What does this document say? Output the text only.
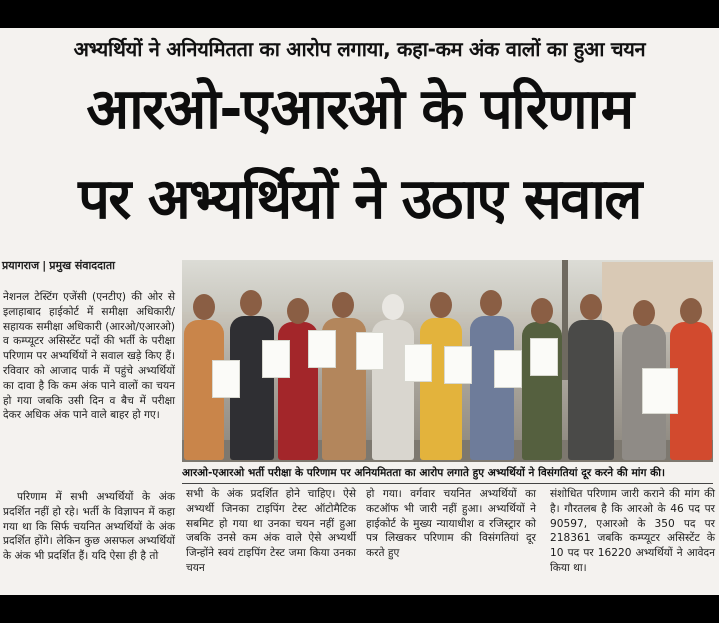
अभ्यर्थियों ने अनियमितता का आरोप लगाया, कहा-कम अंक वालों का हुआ चयन
आरओ-एआरओ के परिणाम
पर अभ्यर्थियों ने उठाए सवाल
प्रयागराज | प्रमुख संवाददाता

नेशनल टेस्टिंग एजेंसी (एनटीए) की ओर से इलाहाबाद हाईकोर्ट में समीक्षा अधिकारी/सहायक समीक्षा अधिकारी (आरओ/एआरओ) व कम्प्यूटर असिस्टेंट पदों की भर्ती के परीक्षा परिणाम पर अभ्यर्थियों ने सवाल खड़े किए हैं। रविवार को आजाद पार्क में पहुंचे अभ्यर्थियों का दावा है कि कम अंक पाने वालों का चयन हो गया जबकि उसी दिन व बैच में परीक्षा देकर अधिक अंक पाने वाले बाहर हो गए।

आरओ-एआरओ भर्ती परीक्षा के परिणाम पर अनियमितता का आरोप लगाते हुए अभ्यर्थियों ने विसंगतियां दूर करने की मांग की।

परिणाम में सभी अभ्यर्थियों के अंक प्रदर्शित नहीं हो रहे। भर्ती के विज्ञापन में कहा गया था कि सिर्फ चयनित अभ्यर्थियों के अंक प्रदर्शित होंगे। लेकिन कुछ असफल अभ्यर्थियों के अंक भी प्रदर्शित हैं। यदि ऐसा ही है तो

सभी के अंक प्रदर्शित होने चाहिए। ऐसे अभ्यर्थी जिनका टाइपिंग टेस्ट ऑटोमैटिक सबमिट हो गया था उनका चयन नहीं हुआ जबकि उनसे कम अंक वाले ऐसे अभ्यर्थी जिन्होंने स्वयं टाइपिंग टेस्ट जमा किया उनका चयन

हो गया। वर्गवार चयनित अभ्यर्थियों का कटऑफ भी जारी नहीं हुआ। अभ्यर्थियों ने हाईकोर्ट के मुख्य न्यायाधीश व रजिस्ट्रार को पत्र लिखकर परिणाम की विसंगतियां दूर करते हुए

संशोधित परिणाम जारी कराने की मांग की है। गौरतलब है कि आरओ के 46 पद पर 90597, एआरओ के 350 पद पर 218361 जबकि कम्प्यूटर असिस्टेंट के 10 पद पर 16220 अभ्यर्थियों ने आवेदन किया था।
